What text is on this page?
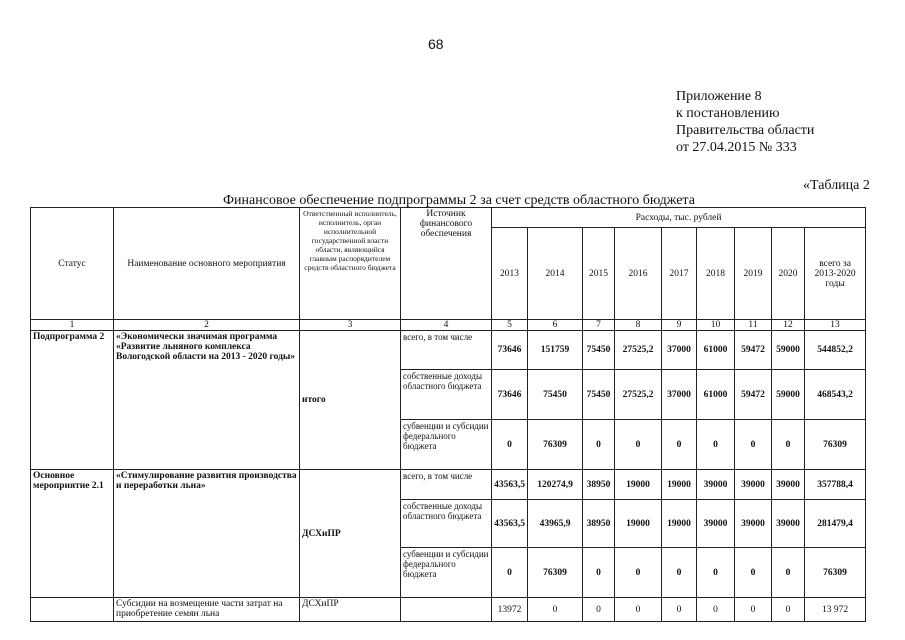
68
Приложение 8
к постановлению
Правительства области
от 27.04.2015 № 333
«Таблица 2
Финансовое обеспечение подпрограммы 2 за счет средств областного бюджета
Статус	Наименование основного мероприятия	Ответственный исполнитель, исполнитель, орган исполнительной государственной власти области, являющийся главным распорядителем средств областного бюджета	Источник финансового обеспечения	Расходы, тыс. рублей								
				2013	2014	2015	2016	2017	2018	2019	2020	всего за 2013-2020 годы
1	2	3	4	5	6	7	8	9	10	11	12	13
Подпрограмма 2	«Экономически значимая программа «Развитие льняного комплекса Вологодской области на 2013 - 2020 годы»	итого	всего, в том числе	73646	151759	75450	27525,2	37000	61000	59472	59000	544852,2
			собственные доходы областного бюджета	73646	75450	75450	27525,2	37000	61000	59472	59000	468543,2
			субвенции и субсидии федерального бюджета	0	76309	0	0	0	0	0	0	76309
Основное мероприятие 2.1	«Стимулирование развития производства и переработки льна»	ДСХиПР	всего, в том числе	43563,5	120274,9	38950	19000	19000	39000	39000	39000	357788,4
			собственные доходы областного бюджета	43563,5	43965,9	38950	19000	19000	39000	39000	39000	281479,4
			субвенции и субсидии федерального бюджета	0	76309	0	0	0	0	0	0	76309
	Субсидии на возмещение части затрат на приобретение семян льна	ДСХиПР		13972	0	0	0	0	0	0	0	13 972
